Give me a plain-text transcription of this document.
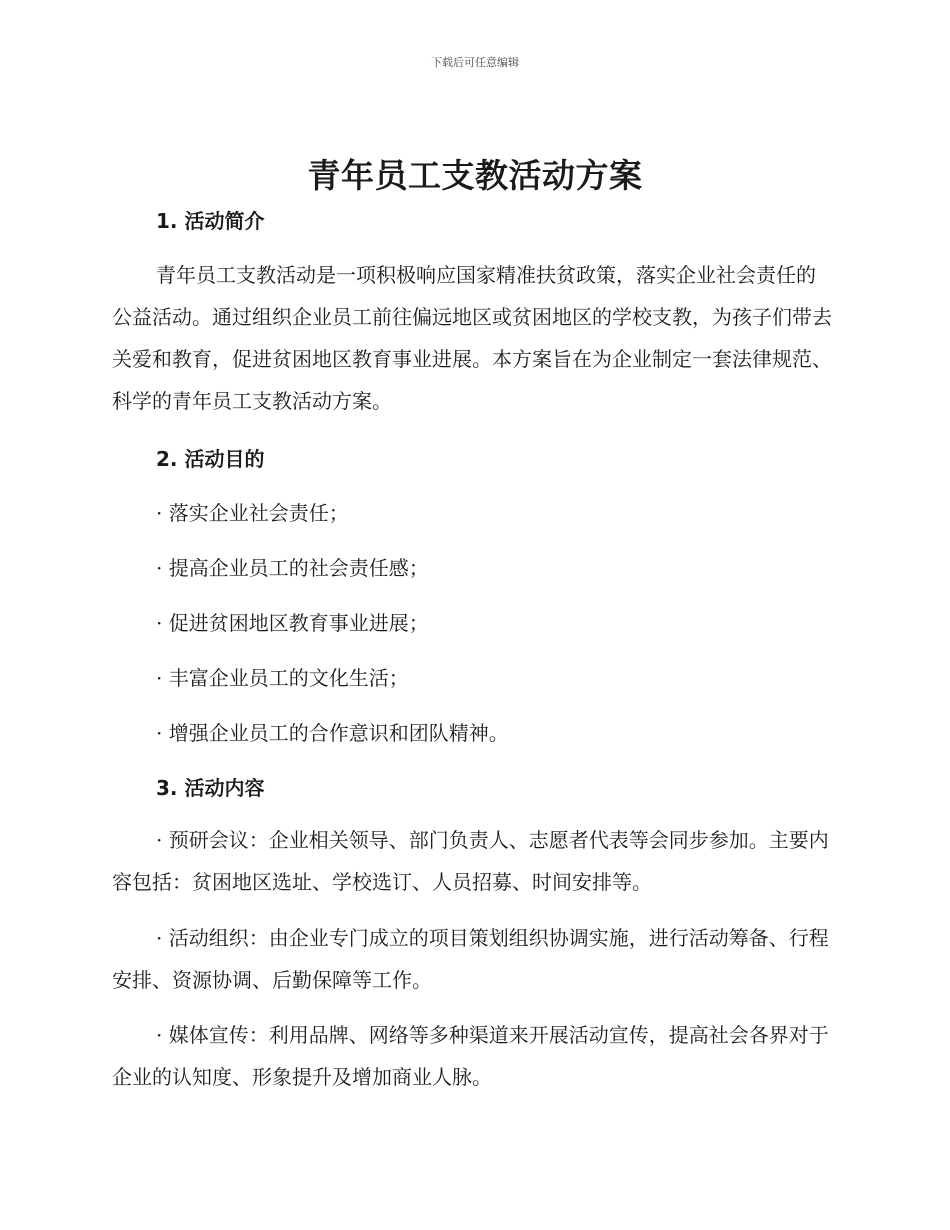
下载后可任意编辑
青年员工支教活动方案
1. 活动简介

青年员工支教活动是一项积极响应国家精准扶贫政策，落实企业社会责任的公益活动。通过组织企业员工前往偏远地区或贫困地区的学校支教，为孩子们带去关爱和教育，促进贫困地区教育事业进展。本方案旨在为企业制定一套法律规范、科学的青年员工支教活动方案。

2. 活动目的
· 落实企业社会责任；
· 提高企业员工的社会责任感；
· 促进贫困地区教育事业进展；
· 丰富企业员工的文化生活；
· 增强企业员工的合作意识和团队精神。
3. 活动内容

· 预研会议：企业相关领导、部门负责人、志愿者代表等会同步参加。主要内容包括：贫困地区选址、学校选订、人员招募、时间安排等。

· 活动组织：由企业专门成立的项目策划组织协调实施，进行活动筹备、行程安排、资源协调、后勤保障等工作。

· 媒体宣传：利用品牌、网络等多种渠道来开展活动宣传，提高社会各界对于企业的认知度、形象提升及增加商业人脉。
